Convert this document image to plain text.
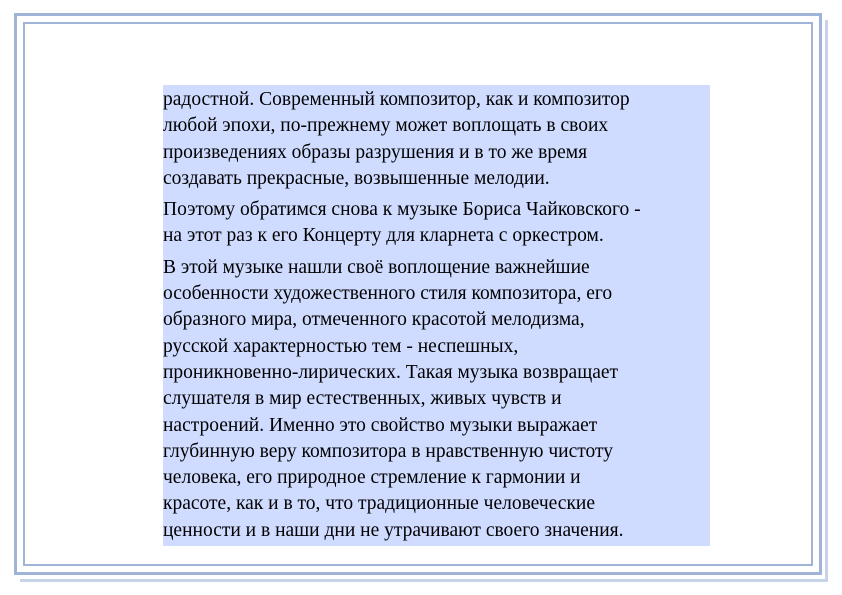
радостной. Современный композитор, как и композитор
любой эпохи, по-прежнему может воплощать в своих
произведениях образы разрушения и в то же время
создавать прекрасные, возвышенные мелодии.

Поэтому обратимся снова к музыке Бориса Чайковского -
на этот раз к его Концерту для кларнета с оркестром.

В этой музыке нашли своё воплощение важнейшие
особенности художественного стиля композитора, его
образного мира, отмеченного красотой мелодизма,
русской характерностью тем - неспешных,
проникновенно-лирических. Такая музыка возвращает
слушателя в мир естественных, живых чувств и
настроений. Именно это свойство музыки выражает
глубинную веру композитора в нравственную чистоту
человека, его природное стремление к гармонии и
красоте, как и в то, что традиционные человеческие
ценности и в наши дни не утрачивают своего значения.
